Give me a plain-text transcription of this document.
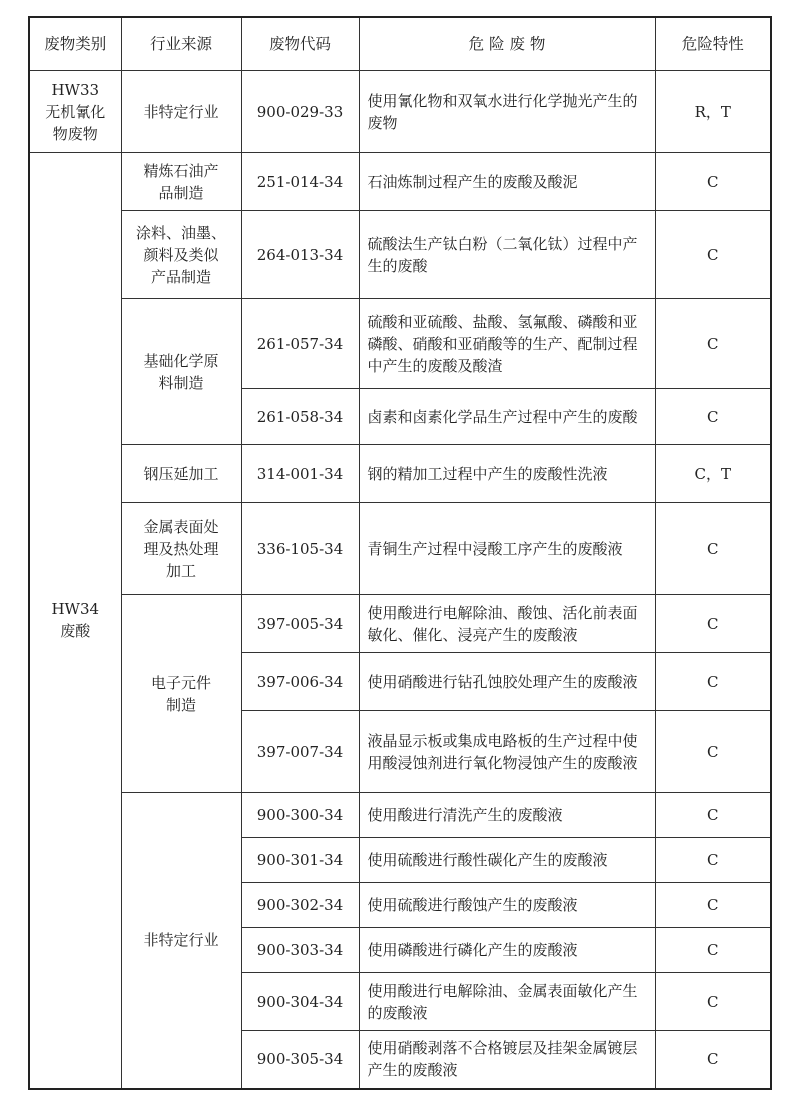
废物类别	行业来源	废物代码	危 险 废 物	危险特性
HW33
无机氰化
物废物	非特定行业	900-029-33	使用氰化物和双氧水进行化学抛光产生的废物	R，T
HW34
废酸	精炼石油产
品制造	251-014-34	石油炼制过程产生的废酸及酸泥	C
	涂料、油墨、
颜料及类似
产品制造	264-013-34	硫酸法生产钛白粉（二氧化钛）过程中产生的废酸	C
	基础化学原
料制造	261-057-34	硫酸和亚硫酸、盐酸、氢氟酸、磷酸和亚磷酸、硝酸和亚硝酸等的生产、配制过程中产生的废酸及酸渣	C
		261-058-34	卤素和卤素化学品生产过程中产生的废酸	C
	钢压延加工	314-001-34	钢的精加工过程中产生的废酸性洗液	C，T
	金属表面处
理及热处理
加工	336-105-34	青铜生产过程中浸酸工序产生的废酸液	C
	电子元件
制造	397-005-34	使用酸进行电解除油、酸蚀、活化前表面敏化、催化、浸亮产生的废酸液	C
		397-006-34	使用硝酸进行钻孔蚀胶处理产生的废酸液	C
		397-007-34	液晶显示板或集成电路板的生产过程中使用酸浸蚀剂进行氧化物浸蚀产生的废酸液	C
	非特定行业	900-300-34	使用酸进行清洗产生的废酸液	C
		900-301-34	使用硫酸进行酸性碳化产生的废酸液	C
		900-302-34	使用硫酸进行酸蚀产生的废酸液	C
		900-303-34	使用磷酸进行磷化产生的废酸液	C
		900-304-34	使用酸进行电解除油、金属表面敏化产生的废酸液	C
		900-305-34	使用硝酸剥落不合格镀层及挂架金属镀层产生的废酸液	C
